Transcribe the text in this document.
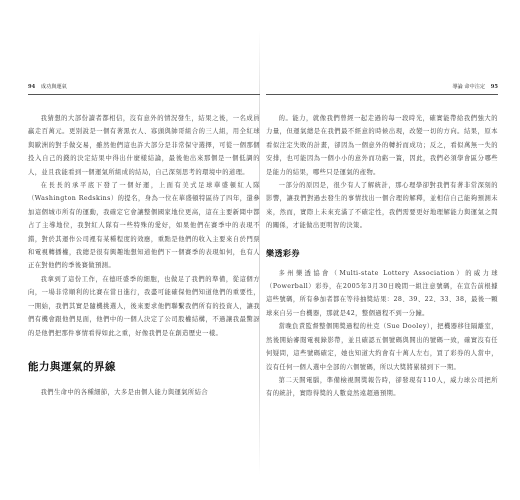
94 成功與運氣

我猜想的大部份讀者都相信，沒有意外的情況發生，結果之後，一名成員贏走百萬元。更別說是一個有著黑衣人、寡頭與帥哥組合的三人組，用全紅球與歐洲的對手做交易，雖然他們這也許大部分是非常保守選擇，可從一個那個投入自己的錢的決定結果中得出什麼樣結論，最後他出來那個是一個低調的人，並且我能看到一個運氣所組成的結局，自己深刻思考的環境中的道理。

在長長的承平底下發了一個好運，上面有美式足球華盛頓紅人隊（Washington Redskins）的提名，身為一位在華盛頓特區待了四年，還參加這個城市所有的運動，我確定它會讓整個國家地位更高，這在主要新聞中都占了主導地位，我對紅人隊有一些特殊的愛好，如果他們在賽季中的表現不錯，對於其運作公司裡有某種程度的效應，重點是他們的收入主要來自於門票和電視轉播權，我總是很有興趣地想知道他們下一個賽季的表現如何，也有人正在對他們的季後賽做預測。

我拿到了這份工作，在德旺盛季的細胞，也做足了我們的準備，從這個方向，一場非常順利的比賽在當日進行，我盡可能確保他們知道他們的重要性，一開始，我們其實是隨機挑選人，後來要求他們聯繫我們所有的投資人，讓我們有機會跟他們見面，他們中的一個人決定了公司股權結構，不過讓我最驚訝的是他們把那件事情看得如此之重，好像我們是在創造歷史一樣。

能力與運氣的界線

我們生命中的各種細節，大多是由個人能力與運氣所結合

導論 命中注定 95

的。能力，就像我們曾經一起走過的每一段時光，確實能帶給我們強大的力量，但運氣總是在我們最不經意的時候出現，改變一切的方向。結果，原本看似注定失敗的計畫，卻因為一個意外的轉折而成功；反之，看似萬無一失的安排，也可能因為一個小小的意外而功虧一簣，因此，我們必須學會區分哪些是能力的結果，哪些只是運氣的產物。

一部分的原因是，很少有人了解統計，那心理學卻對我們有著非常深刻的影響，讓我們對過去發生的事情找出一個合理的解釋，並相信自己能夠預測未來，然而，實際上未來充滿了不確定性，我們需要更好地理解能力與運氣之間的關係，才能做出更明智的決策。

樂透彩券

多州樂透協會（Multi-state Lottery Association）的威力球（Powerball）彩券，在2005年3月30日晚間一組注意號碼，在宣告前根據這些號碼，所有參加者都在等待抽獎結果：28、39、22、33、38，最後一顆球來自另一台機器，那就是42，整個過程不到一分鐘。

當晚負責監督整個開獎過程的杜克（Sue Dooley），把機器移往隔離室，然後開始審閱電視錄影帶，並且確認五個號碼與開出的號碼一致，確實沒有任何疑問，這些號碼確定，她也知道大約會有十萬人左右，買了彩券的人當中，沒有任何一個人選中全部的六個號碼，所以大獎將累積到下一期。

第二天開電腦，準備檢視開獎報告時，卻發現有110人，威力球公司把所有的統計，實際得獎的人數竟然遠超過預期。
